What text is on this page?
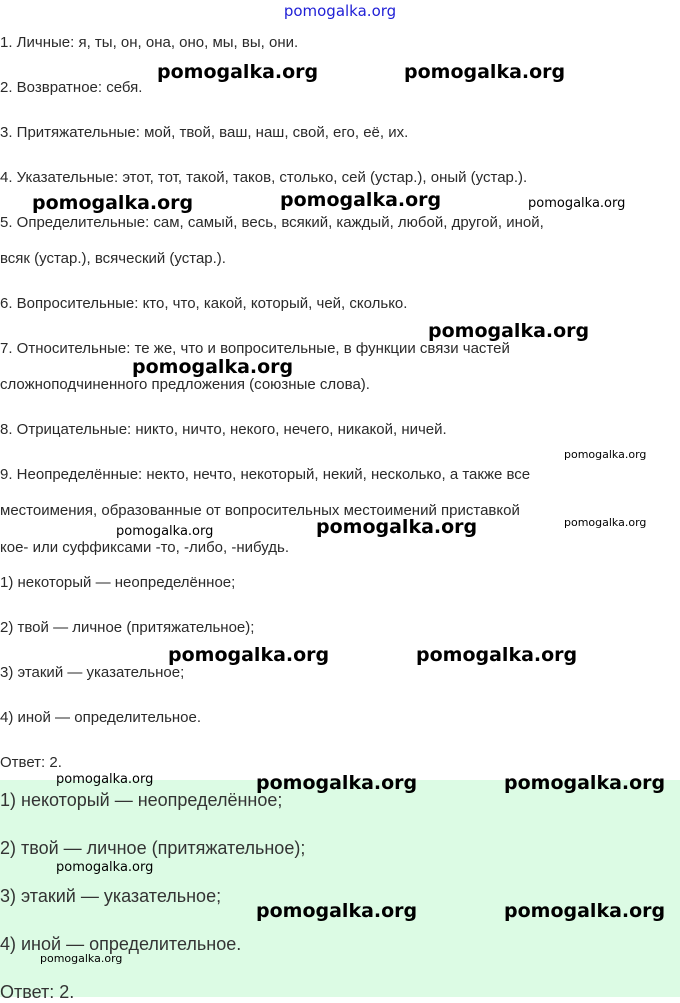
pomogalka.org
1. Личные: я, ты, он, она, оно, мы, вы, они.
2. Возвратное: себя.
3. Притяжательные: мой, твой, ваш, наш, свой, его, её, их.
4. Указательные: этот, тот, такой, таков, столько, сей (устар.), оный (устар.).
5. Определительные: сам, самый, весь, всякий, каждый, любой, другой, иной,
всяк (устар.), всяческий (устар.).
6. Вопросительные: кто, что, какой, который, чей, сколько.
7. Относительные: те же, что и вопросительные, в функции связи частей
сложноподчиненного предложения (союзные слова).
8. Отрицательные: никто, ничто, некого, нечего, никакой, ничей.
9. Неопределённые: некто, нечто, некоторый, некий, несколько, а также все
местоимения, образованные от вопросительных местоимений приставкой
кое- или суффиксами -то, -либо, -нибудь.
1) некоторый — неопределённое;
2) твой — личное (притяжательное);
3) этакий — указательное;
4) иной — определительное.
Ответ: 2.
1) некоторый — неопределённое;
2) твой — личное (притяжательное);
3) этакий — указательное;
4) иной — определительное.
Ответ: 2.
pomogalka.org	pomogalka.org
pomogalka.org
pomogalka.org	pomogalka.org
pomogalka.org
pomogalka.org
pomogalka.org
pomogalka.org	pomogalka.org
pomogalka.org
pomogalka.org	pomogalka.org
pomogalka.org	pomogalka.org	pomogalka.org
pomogalka.org
pomogalka.org	pomogalka.org
pomogalka.org
